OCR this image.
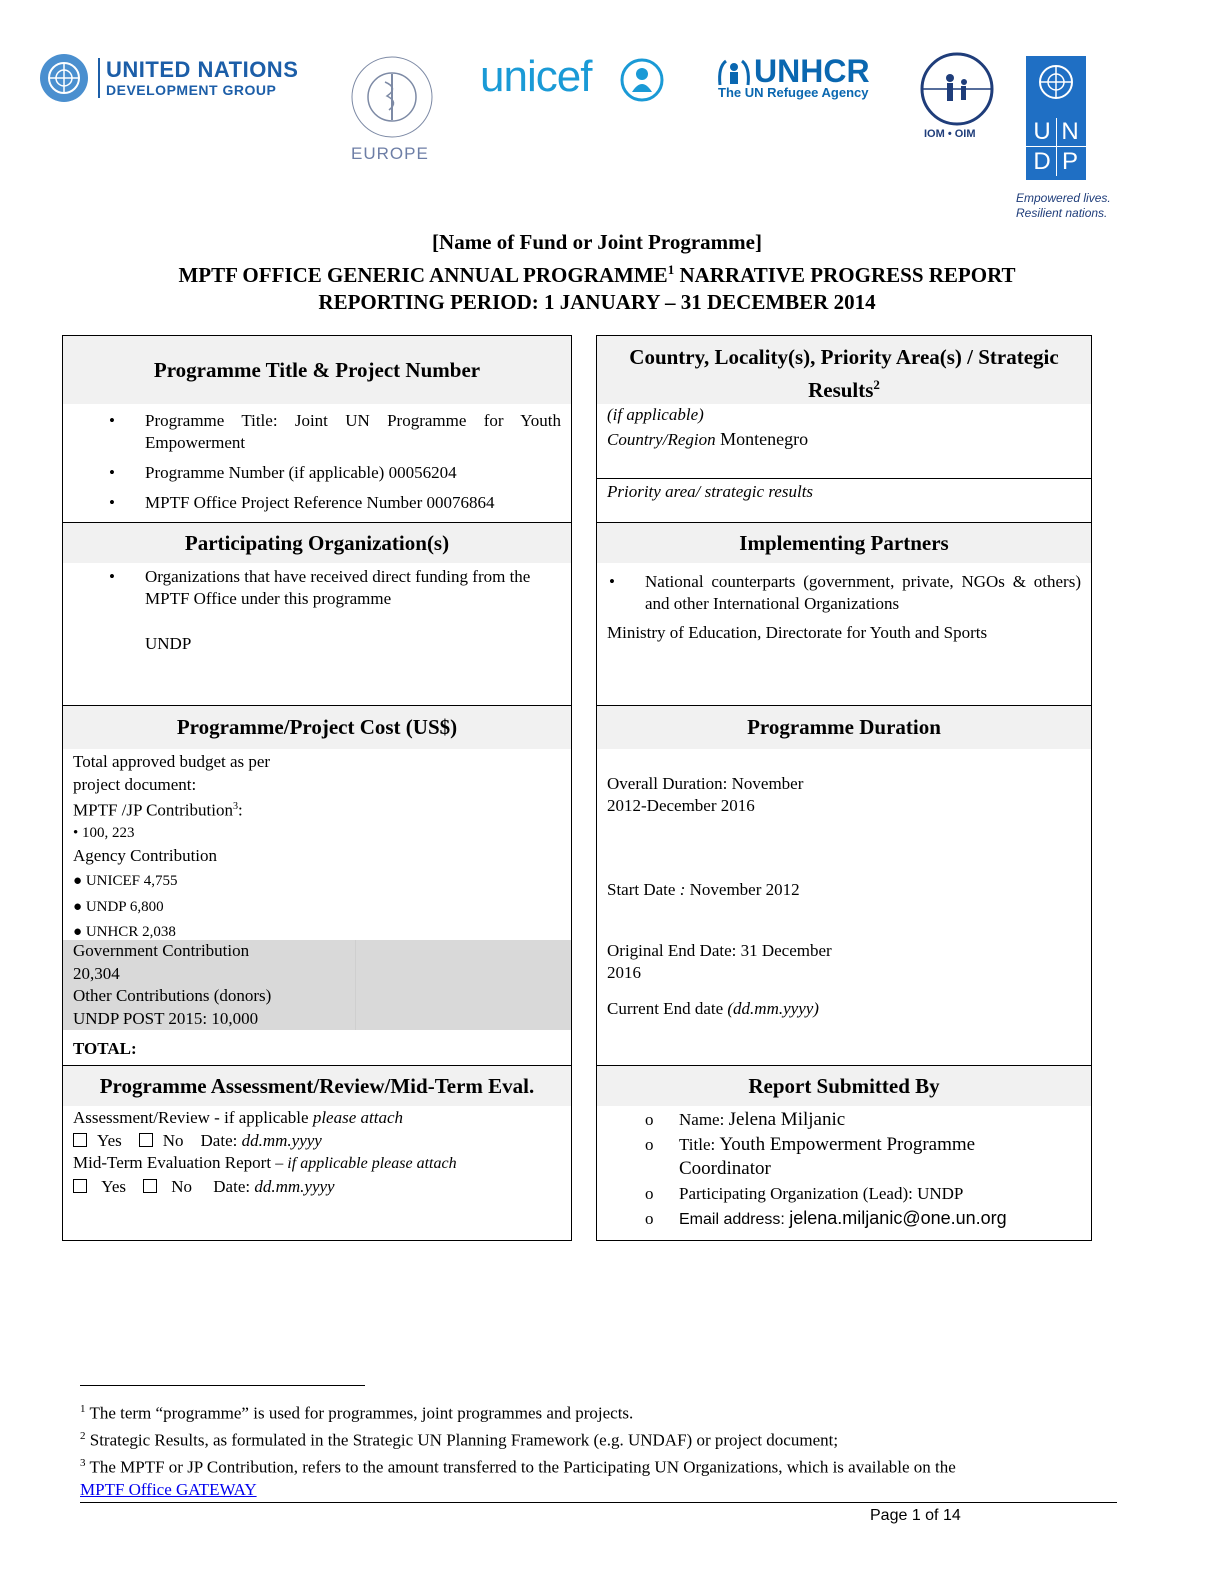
UNITED NATIONS
DEVELOPMENT GROUP
EUROPE
unicef	UNHCR
The UN Refugee Agency
IOM • OIM U N
D P
Empowered lives.
Resilient nations.
[Name of Fund or Joint Programme]
MPTF OFFICE GENERIC ANNUAL PROGRAMME$^1$ NARRATIVE PROGRESS REPORT
REPORTING PERIOD: 1 JANUARY – 31 DECEMBER 2014
Programme Title & Project Number
• Programme Title: Joint UN Programme for Youth Empowerment
• Programme Number (if applicable) 00056204
• MPTF Office Project Reference Number 00076864
Participating Organization(s)
• Organizations that have received direct funding from the MPTF Office under this programme
UNDP
Programme/Project Cost (US$)
Total approved budget as per
project document:
MPTF /JP Contribution$^3$:
• 100, 223
Agency Contribution
● UNICEF 4,755
● UNDP 6,800
● UNHCR 2,038
Government Contribution
20,304
Other Contributions (donors)
UNDP POST 2015: 10,000
TOTAL:
Programme Assessment/Review/Mid-Term Eval.
Assessment/Review - if applicable please attach
Yes No Date: dd.mm.yyyy
Mid-Term Evaluation Report – if applicable please attach
Yes	No Date: dd.mm.yyyy
Country, Locality(s), Priority Area(s) / Strategic Results$^2$
(if applicable)
Country/Region Montenegro
Priority area/ strategic results
Implementing Partners
• National counterparts (government, private, NGOs & others) and other International Organizations
Ministry of Education, Directorate for Youth and Sports
Programme Duration
Overall Duration: November
2012-December 2016
Start Date : November 2012
Original End Date: 31 December
2016
Current End date (dd.mm.yyyy)
Report Submitted By
o Name: Jelena Miljanic
o Title: Youth Empowerment Programme
Coordinator
o Participating Organization (Lead): UNDP
o Email address: jelena.miljanic@one.un.org
$^1$ The term “programme” is used for programmes, joint programmes and projects.
$^2$ Strategic Results, as formulated in the Strategic UN Planning Framework (e.g. UNDAF) or project document;
$^3$ The MPTF or JP Contribution, refers to the amount transferred to the Participating UN Organizations, which is available on the
MPTF Office GATEWAY
Page 1 of 14
